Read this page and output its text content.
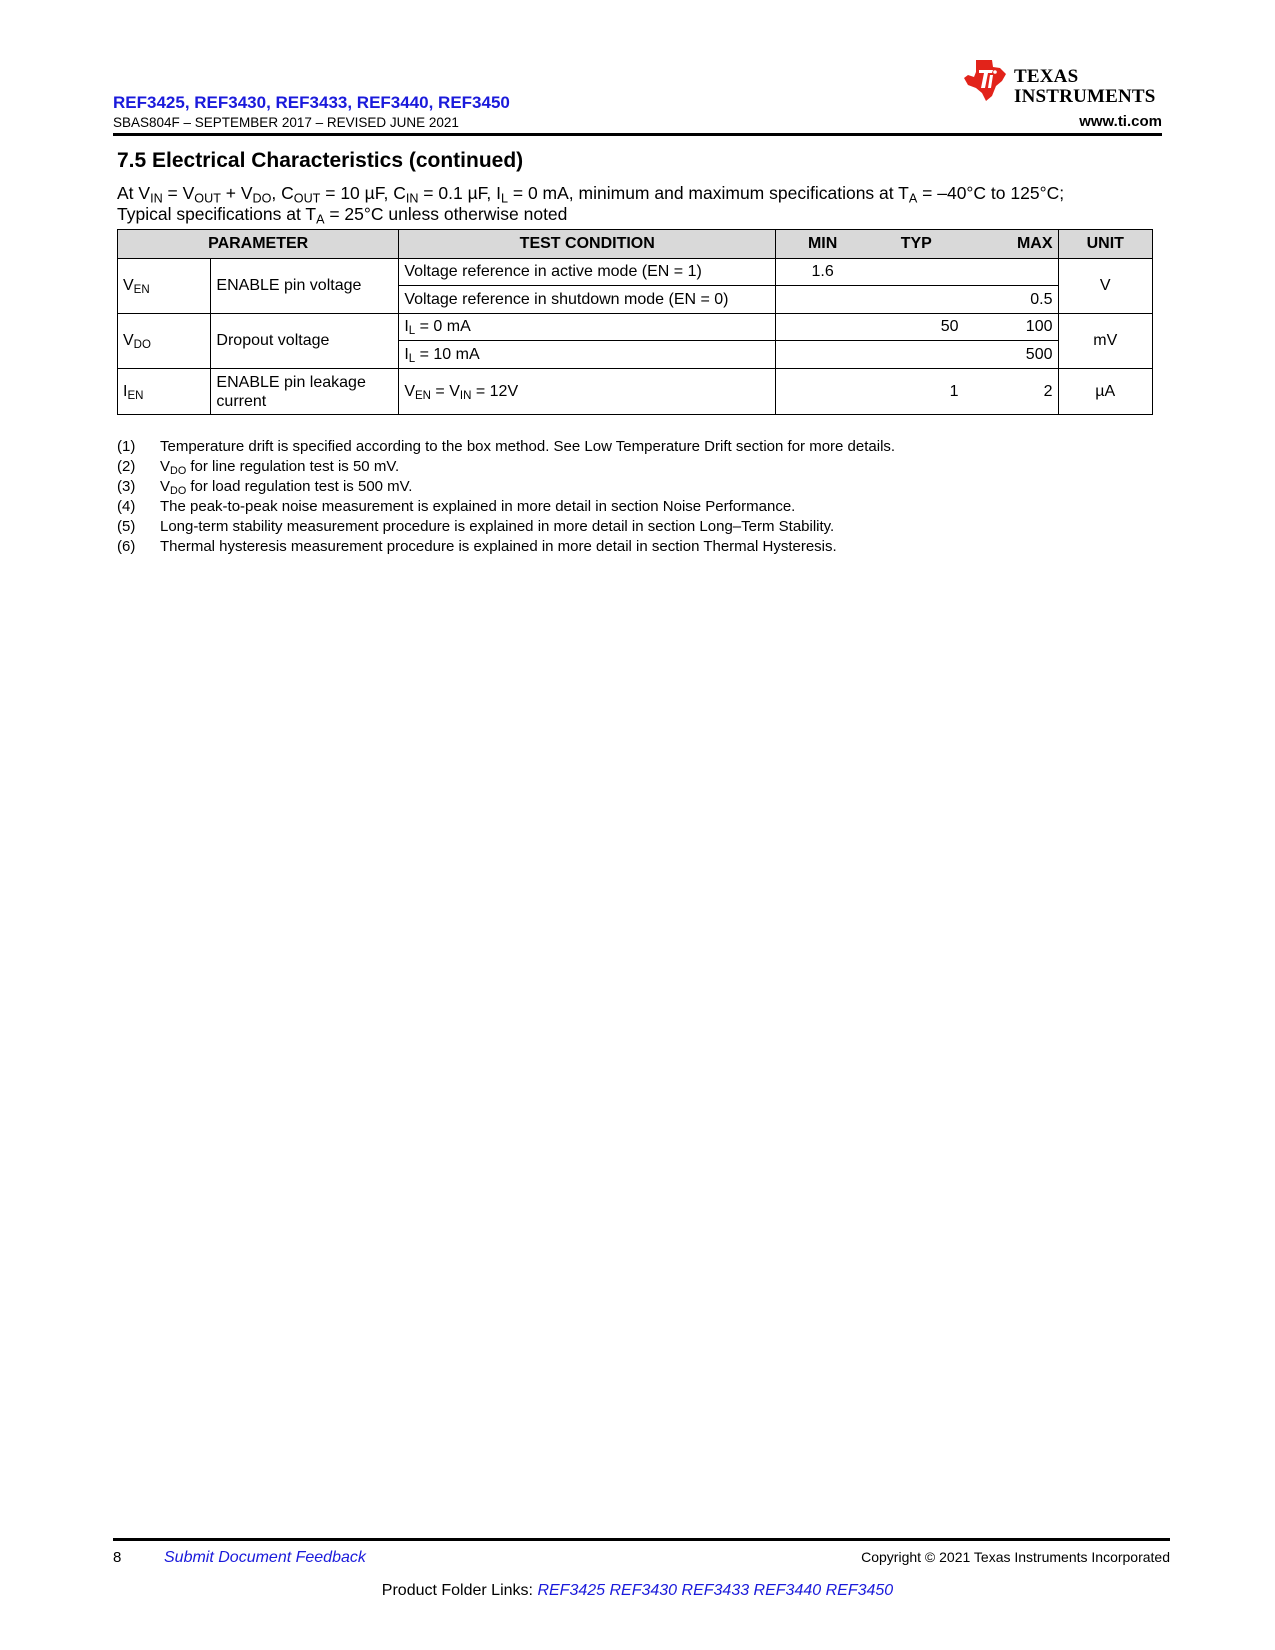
REF3425, REF3430, REF3433, REF3440, REF3450
SBAS804F – SEPTEMBER 2017 – REVISED JUNE 2021
TEXAS
INSTRUMENTS
www.ti.com
7.5 Electrical Characteristics (continued)
At $V_{IN} = V_{OUT} + V_{DO}$, $C_{OUT} = 10$ µF, $C_{IN} = 0.1$ µF, $I_L = 0$ mA, minimum and maximum specifications at $T_A = -40^\circ C$ to 125°C;
Typical specifications at $T_A = 25^\circ C$ unless otherwise noted
PARAMETER		TEST CONDITION	MIN	TYP	MAX	UNIT
$V_{EN}$	ENABLE pin voltage	Voltage reference in active mode (EN = 1)	1.6			V
		Voltage reference in shutdown mode (EN = 0)			0.5	
$V_{DO}$	Dropout voltage	$I_L = 0$ mA		50	100	mV
		$I_L = 10$ mA			500	
$I_{EN}$	ENABLE pin leakage current	$V_{EN} = V_{IN} = 12V$		1	2	µA
(1)	Temperature drift is specified according to the box method. See Low Temperature Drift section for more details.
(2)	$V_{DO}$ for line regulation test is 50 mV.
(3)	$V_{DO}$ for load regulation test is 500 mV.
(4)	The peak-to-peak noise measurement is explained in more detail in section Noise Performance.
(5)	Long-term stability measurement procedure is explained in more detail in section Long–Term Stability.
(6)	Thermal hysteresis measurement procedure is explained in more detail in section Thermal Hysteresis.
8	Submit Document Feedback	Copyright © 2021 Texas Instruments Incorporated
Product Folder Links: REF3425 REF3430 REF3433 REF3440 REF3450
